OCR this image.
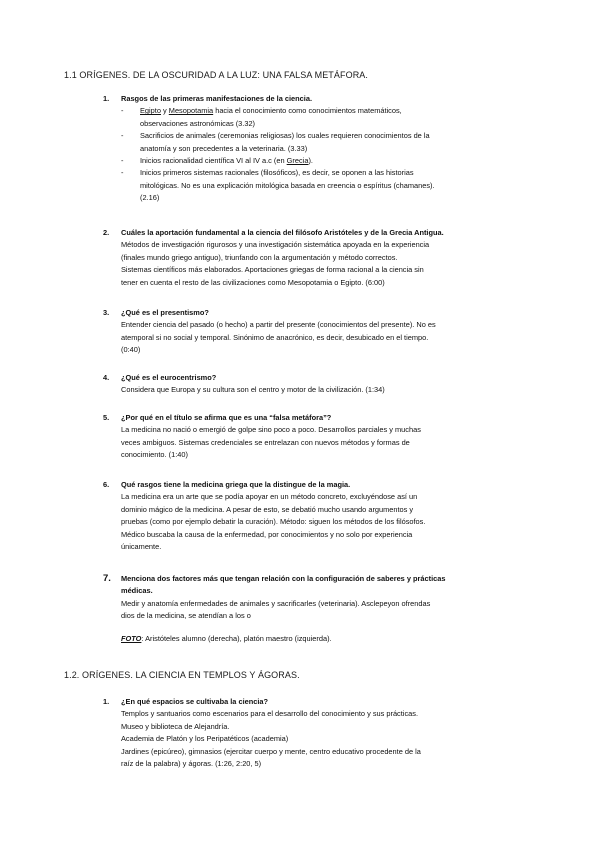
1.1 ORÍGENES. DE LA OSCURIDAD A LA LUZ: UNA FALSA METÁFORA.
1.	Rasgos de las primeras manifestaciones de la ciencia.
- Egipto y Mesopotamia hacia el conocimiento como conocimientos matemáticos,
observaciones astronómicas (3.32)
- Sacrificios de animales (ceremonias religiosas) los cuales requieren conocimientos de la
anatomía y son precedentes a la veterinaria. (3.33)
- Inicios racionalidad científica VI al IV a.c (en Grecia).
- Inicios primeros sistemas racionales (filosóficos), es decir, se oponen a las historias
mitológicas. No es una explicación mitológica basada en creencia o espíritus (chamanes).
(2.16)
2.	Cuáles la aportación fundamental a la ciencia del filósofo Aristóteles y de la Grecia Antigua.
Métodos de investigación rigurosos y una investigación sistemática apoyada en la experiencia
(finales mundo griego antiguo), triunfando con la argumentación y método correctos.
Sistemas científicos más elaborados. Aportaciones griegas de forma racional a la ciencia sin
tener en cuenta el resto de las civilizaciones como Mesopotamia o Egipto. (6:00)
3.	¿Qué es el presentismo?
Entender ciencia del pasado (o hecho) a partir del presente (conocimientos del presente). No es
atemporal si no social y temporal. Sinónimo de anacrónico, es decir, desubicado en el tiempo.
(0:40)
4.	¿Qué es el eurocentrismo?
Considera que Europa y su cultura son el centro y motor de la civilización. (1:34)
5.	¿Por qué en el título se afirma que es una “falsa metáfora”?
La medicina no nació o emergió de golpe sino poco a poco. Desarrollos parciales y muchas
veces ambiguos. Sistemas credenciales se entrelazan con nuevos métodos y formas de
conocimiento. (1:40)
6.	Qué rasgos tiene la medicina griega que la distingue de la magia.
La medicina era un arte que se podía apoyar en un método concreto, excluyéndose así un
dominio mágico de la medicina. A pesar de esto, se debatió mucho usando argumentos y
pruebas (como por ejemplo debatir la curación). Método: siguen los métodos de los filósofos.
Médico buscaba la causa de la enfermedad, por conocimientos y no solo por experiencia
únicamente.
7.	Menciona dos factores más que tengan relación con la configuración de saberes y prácticas
médicas.
Medir y anatomía enfermedades de animales y sacrificarles (veterinaria). Asclepeyon ofrendas
dios de la medicina, se atendían a los o
FOTO: Aristóteles alumno (derecha), platón maestro (izquierda).
1.2. ORÍGENES. LA CIENCIA EN TEMPLOS Y ÁGORAS.
1.	¿En qué espacios se cultivaba la ciencia?
Templos y santuarios como escenarios para el desarrollo del conocimiento y sus prácticas.
Museo y biblioteca de Alejandría.
Academia de Platón y los Peripatéticos (academia)
Jardines (epicúreo), gimnasios (ejercitar cuerpo y mente, centro educativo procedente de la
raíz de la palabra) y ágoras. (1:26, 2:20, 5)
